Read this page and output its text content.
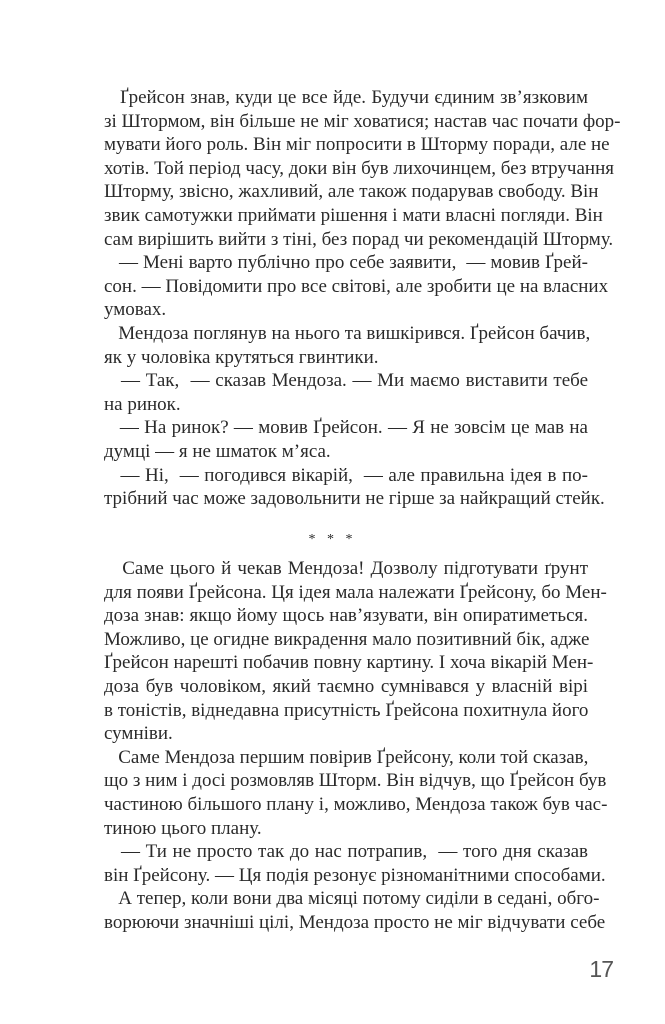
Ґрейсон знав, куди це все йде. Будучи єдиним зв’язковим
зі Штормом, він більше не міг ховатися; настав час почати фор-
мувати його роль. Він міг попросити в Шторму поради, але не
хотів. Той період часу, доки він був лихочинцем, без втручання
Шторму, звісно, жахливий, але також подарував свободу. Він
звик самотужки приймати рішення і мати власні погляди. Він
сам вирішить вийти з тіні, без порад чи рекомендацій Шторму.
— Мені варто публічно про себе заявити,  — мовив Ґрей-
сон. — Повідомити про все світові, але зробити це на власних
умовах.
Мендоза поглянув на нього та вишкірився. Ґрейсон бачив,
як у чоловіка крутяться гвинтики.
— Так,  — сказав Мендоза. — Ми маємо виставити тебе
на ринок.
— На ринок? — мовив Ґрейсон. — Я не зовсім це мав на
думці — я не шматок м’яса.
— Ні,  — погодився вікарій,  — але правильна ідея в по-
трібний час може задовольнити не гірше за найкращий стейк.
* * *
Саме цього й чекав Мендоза! Дозволу підготувати ґрунт
для появи Ґрейсона. Ця ідея мала належати Ґрейсону, бо Мен-
доза знав: якщо йому щось нав’язувати, він опиратиметься.
Можливо, це огидне викрадення мало позитивний бік, адже
Ґрейсон нарешті побачив повну картину. І хоча вікарій Мен-
доза був чоловіком, який таємно сумнівався у власній вірі
в тоністів, віднедавна присутність Ґрейсона похитнула його
сумніви.
Саме Мендоза першим повірив Ґрейсону, коли той сказав,
що з ним і досі розмовляв Шторм. Він відчув, що Ґрейсон був
частиною більшого плану і, можливо, Мендоза також був час-
тиною цього плану.
— Ти не просто так до нас потрапив,  — того дня сказав
він Ґрейсону. — Ця подія резонує різноманітними способами.
А тепер, коли вони два місяці потому сиділи в седані, обго-
ворюючи значніші цілі, Мендоза просто не міг відчувати себе
17
